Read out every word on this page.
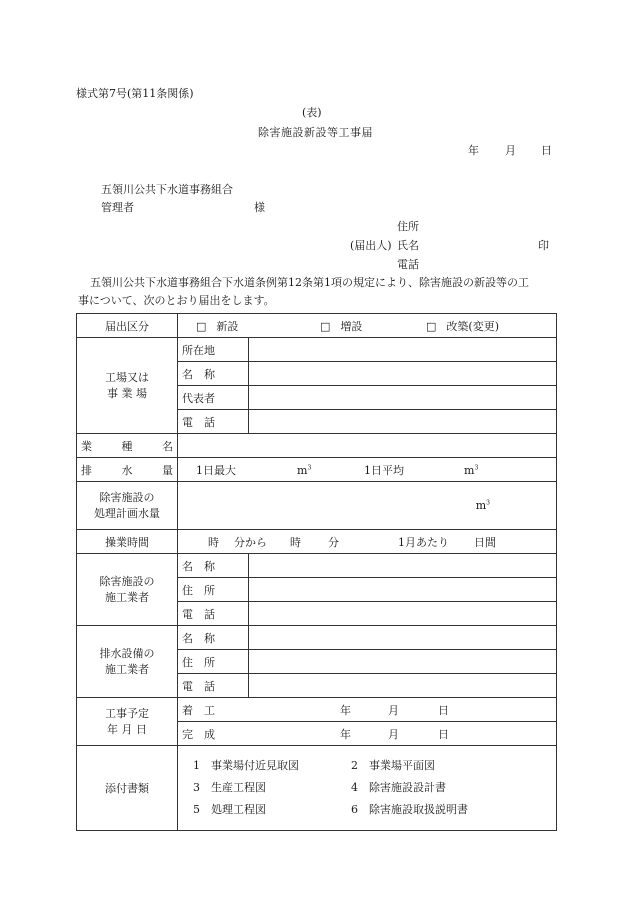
様式第7号(第11条関係)
(表)
除害施設新設等工事届
年 月 日
五領川公共下水道事務組合
管理者	様
住所
(届出人) 氏名	印
電話
五領川公共下水道事務組合下水道条例第12条第1項の規定により、除害施設の新設等の工
事について、次のとおり届出をします。
届出区分	□ 新設 □ 増設 □ 改築(変更)	

工場又は
事 業 場	所在地	
	名　称	
	代表者	
	電　話	

業 種 名		

排 水 量	1日最大 $m^3$ 1日平均 $m^3$

除害施設の
処理計画水量	$m^3$
操業時間	時 分から 時 分 1月あたり 日間	

除害施設の
施工業者	名　称	
	住　所	
	電　話	

排水設備の
施工業者	名　称	
	住　所	
	電　話	

工事予定
年 月 日	着　工 年 月 日	
	完　成 年 月 日	
添付書類	1 事業場付近見取図 2 事業場平面図
3 生産工程図 4 除害施設設計書
5 処理工程図 6 除害施設取扱説明書	
